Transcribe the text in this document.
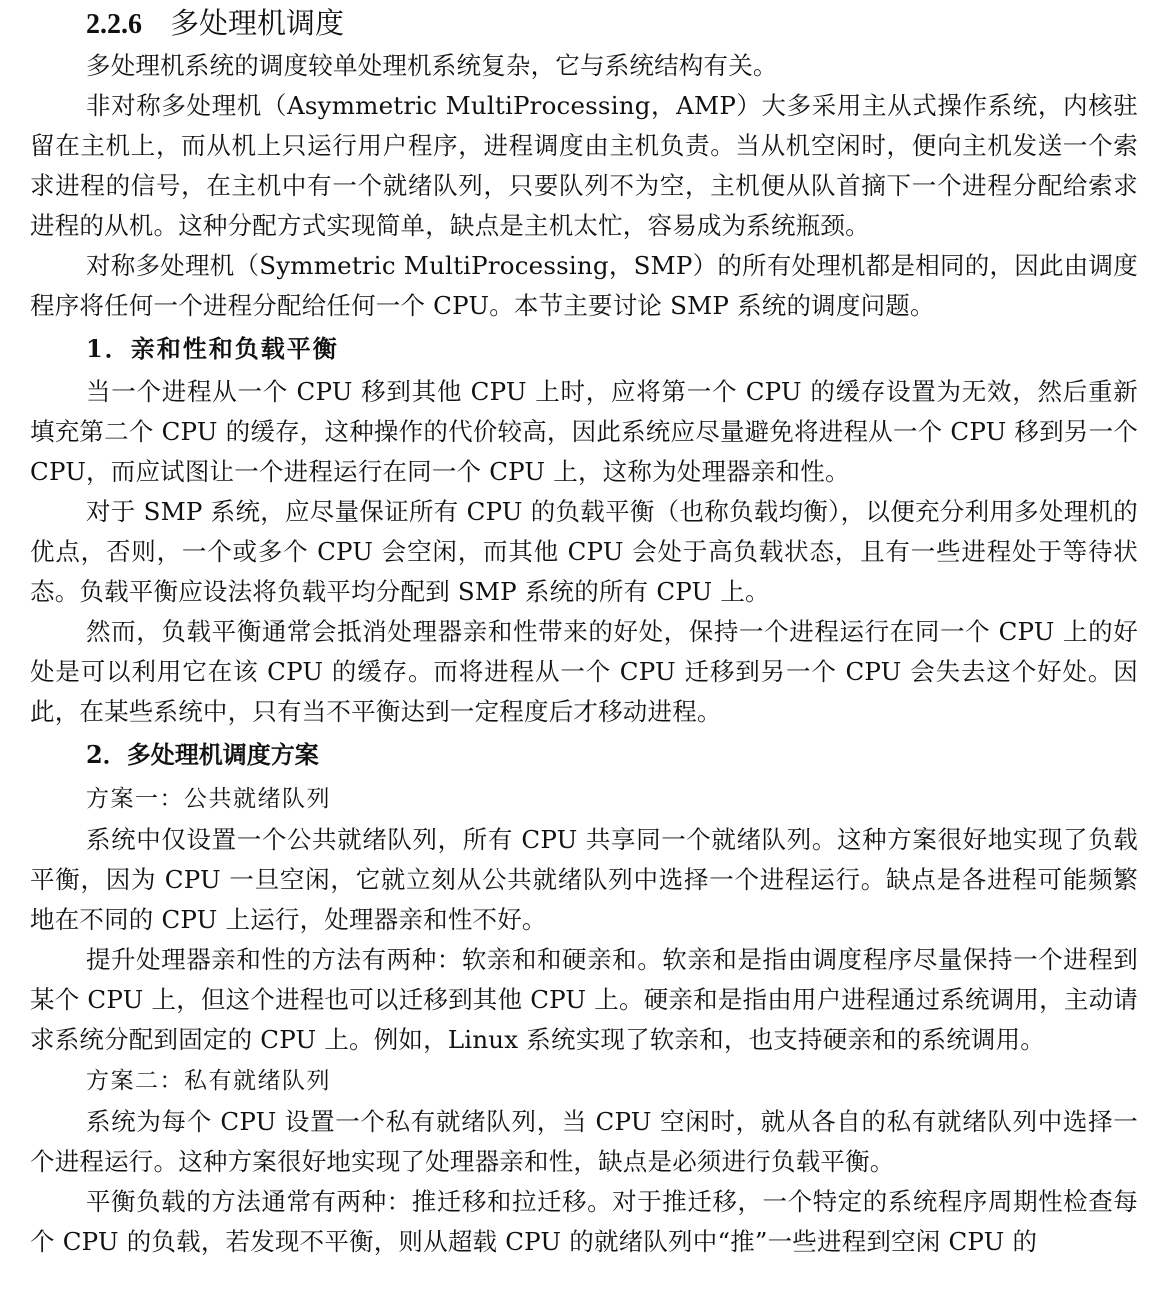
2.2.6 多处理机调度

多处理机系统的调度较单处理机系统复杂，它与系统结构有关。

非对称多处理机（Asymmetric MultiProcessing，AMP）大多采用主从式操作系统，内核驻留在主机上，而从机上只运行用户程序，进程调度由主机负责。当从机空闲时，便向主机发送一个索求进程的信号，在主机中有一个就绪队列，只要队列不为空，主机便从队首摘下一个进程分配给索求进程的从机。这种分配方式实现简单，缺点是主机太忙，容易成为系统瓶颈。

对称多处理机（Symmetric MultiProcessing，SMP）的所有处理机都是相同的，因此由调度程序将任何一个进程分配给任何一个 CPU。本节主要讨论 SMP 系统的调度问题。

1．亲和性和负载平衡

当一个进程从一个 CPU 移到其他 CPU 上时，应将第一个 CPU 的缓存设置为无效，然后重新填充第二个 CPU 的缓存，这种操作的代价较高，因此系统应尽量避免将进程从一个 CPU 移到另一个 CPU，而应试图让一个进程运行在同一个 CPU 上，这称为处理器亲和性。

对于 SMP 系统，应尽量保证所有 CPU 的负载平衡（也称负载均衡），以便充分利用多处理机的优点，否则，一个或多个 CPU 会空闲，而其他 CPU 会处于高负载状态，且有一些进程处于等待状态。负载平衡应设法将负载平均分配到 SMP 系统的所有 CPU 上。

然而，负载平衡通常会抵消处理器亲和性带来的好处，保持一个进程运行在同一个 CPU 上的好处是可以利用它在该 CPU 的缓存。而将进程从一个 CPU 迁移到另一个 CPU 会失去这个好处。因此，在某些系统中，只有当不平衡达到一定程度后才移动进程。

2．多处理机调度方案

方案一：公共就绪队列

系统中仅设置一个公共就绪队列，所有 CPU 共享同一个就绪队列。这种方案很好地实现了负载平衡，因为 CPU 一旦空闲，它就立刻从公共就绪队列中选择一个进程运行。缺点是各进程可能频繁地在不同的 CPU 上运行，处理器亲和性不好。

提升处理器亲和性的方法有两种：软亲和和硬亲和。软亲和是指由调度程序尽量保持一个进程到某个 CPU 上，但这个进程也可以迁移到其他 CPU 上。硬亲和是指由用户进程通过系统调用，主动请求系统分配到固定的 CPU 上。例如，Linux 系统实现了软亲和，也支持硬亲和的系统调用。

方案二：私有就绪队列

系统为每个 CPU 设置一个私有就绪队列，当 CPU 空闲时，就从各自的私有就绪队列中选择一个进程运行。这种方案很好地实现了处理器亲和性，缺点是必须进行负载平衡。

平衡负载的方法通常有两种：推迁移和拉迁移。对于推迁移，一个特定的系统程序周期性检查每个 CPU 的负载，若发现不平衡，则从超载 CPU 的就绪队列中“推”一些进程到空闲 CPU 的
